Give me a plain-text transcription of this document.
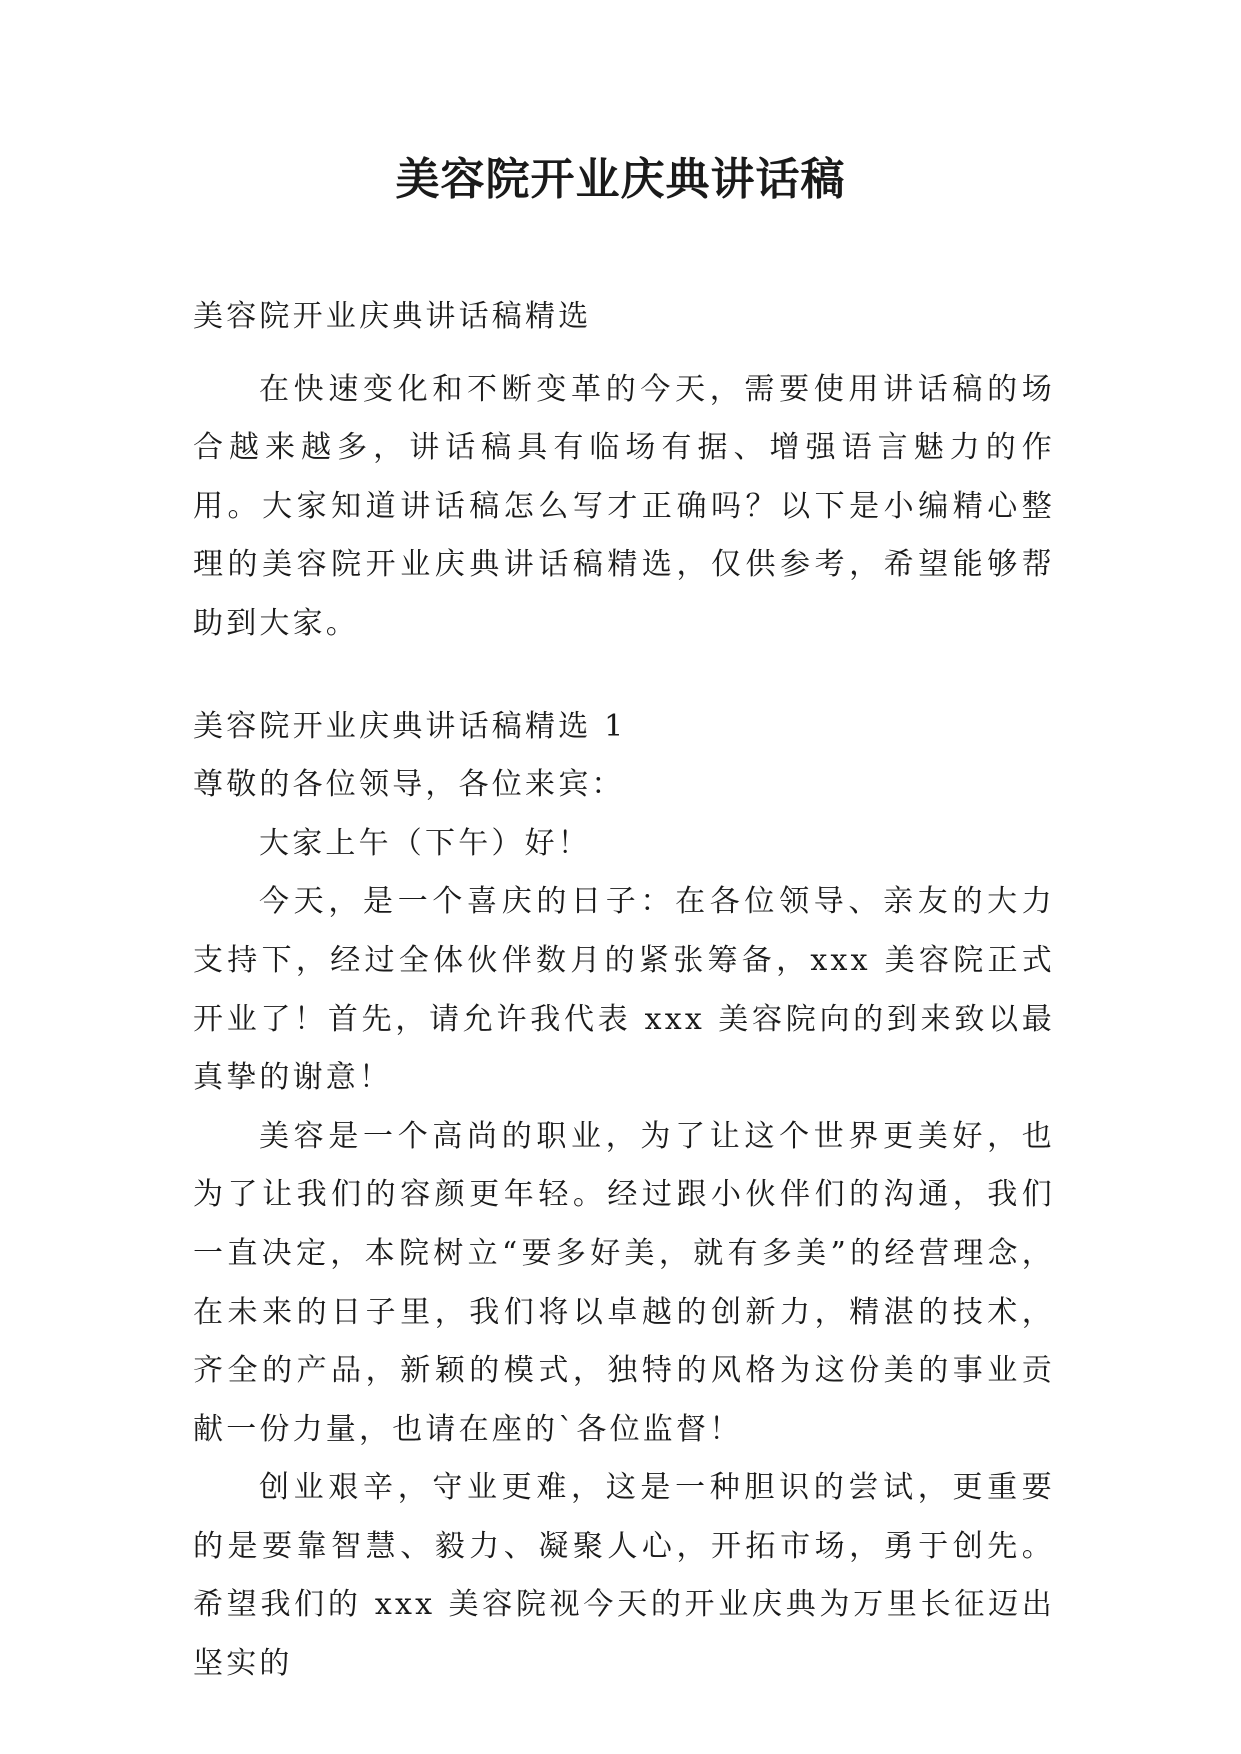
美容院开业庆典讲话稿

美容院开业庆典讲话稿精选

在快速变化和不断变革的今天，需要使用讲话稿的场合越来越多，讲话稿具有临场有据、增强语言魅力的作用。大家知道讲话稿怎么写才正确吗？以下是小编精心整理的美容院开业庆典讲话稿精选，仅供参考，希望能够帮助到大家。

美容院开业庆典讲话稿精选 1

尊敬的各位领导，各位来宾：

大家上午（下午）好！

今天，是一个喜庆的日子：在各位领导、亲友的大力支持下，经过全体伙伴数月的紧张筹备，xxx 美容院正式开业了！首先，请允许我代表 xxx 美容院向的到来致以最真挚的谢意！

美容是一个高尚的职业，为了让这个世界更美好，也为了让我们的容颜更年轻。经过跟小伙伴们的沟通，我们一直决定，本院树立“要多好美，就有多美”的经营理念，在未来的日子里，我们将以卓越的创新力，精湛的技术，齐全的产品，新颖的模式，独特的风格为这份美的事业贡献一份力量，也请在座的`各位监督！

创业艰辛，守业更难，这是一种胆识的尝试，更重要的是要靠智慧、毅力、凝聚人心，开拓市场，勇于创先。希望我们的 xxx 美容院视今天的开业庆典为万里长征迈出坚实的
